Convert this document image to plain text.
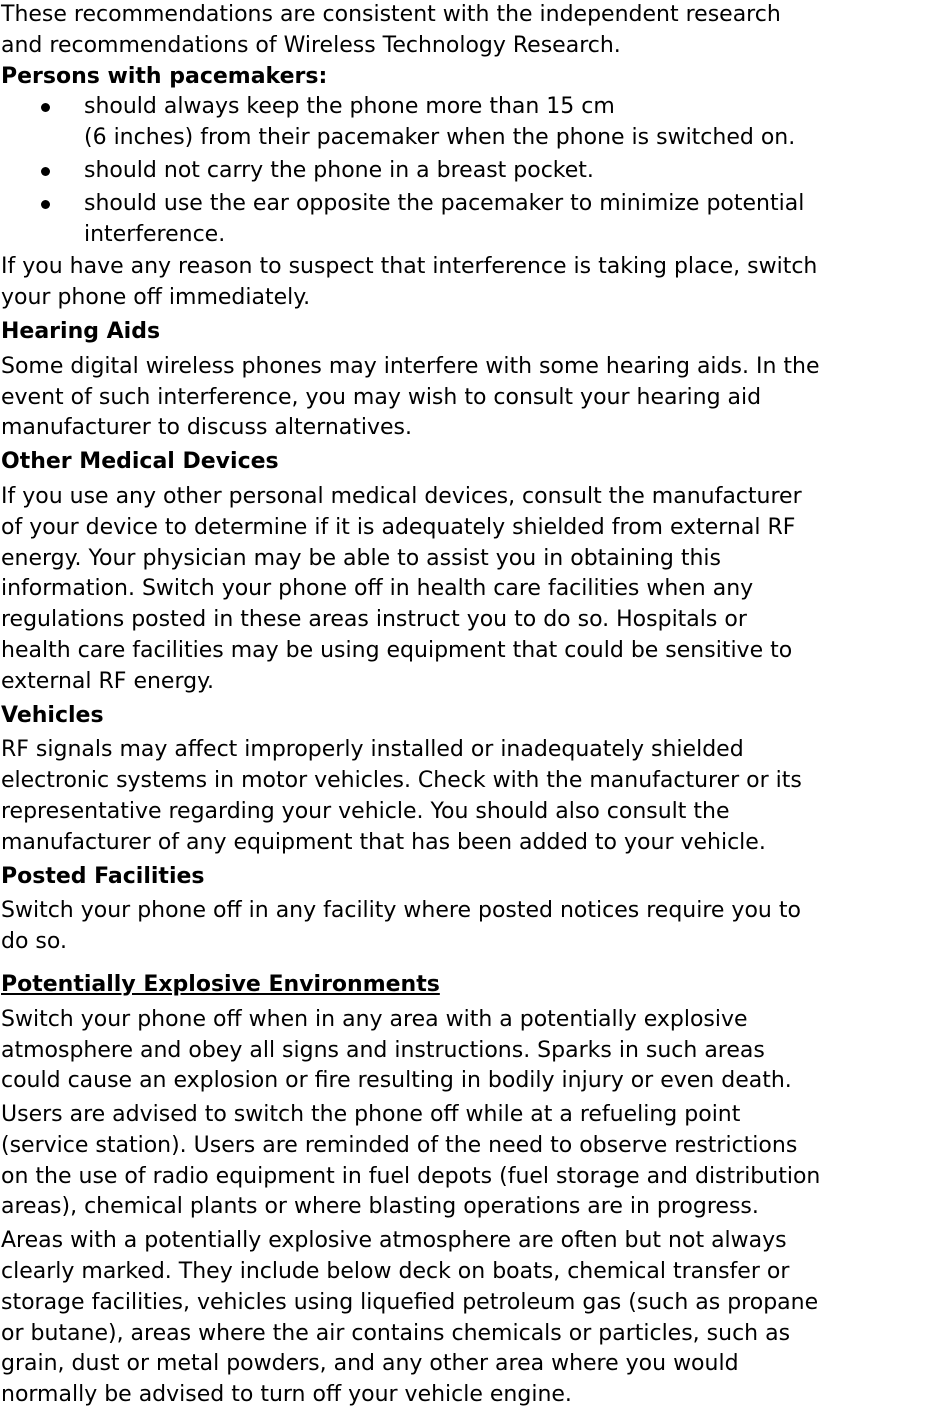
These recommendations are consistent with the independent research
and recommendations of Wireless Technology Research.
Persons with pacemakers:
should always keep the phone more than 15 cm
(6 inches) from their pacemaker when the phone is switched on.
should not carry the phone in a breast pocket.
should use the ear opposite the pacemaker to minimize potential
interference.
If you have any reason to suspect that interference is taking place, switch
your phone off immediately.
Hearing Aids
Some digital wireless phones may interfere with some hearing aids. In the
event of such interference, you may wish to consult your hearing aid
manufacturer to discuss alternatives.
Other Medical Devices
If you use any other personal medical devices, consult the manufacturer
of your device to determine if it is adequately shielded from external RF
energy. Your physician may be able to assist you in obtaining this
information. Switch your phone off in health care facilities when any
regulations posted in these areas instruct you to do so. Hospitals or
health care facilities may be using equipment that could be sensitive to
external RF energy.
Vehicles
RF signals may affect improperly installed or inadequately shielded
electronic systems in motor vehicles. Check with the manufacturer or its
representative regarding your vehicle. You should also consult the
manufacturer of any equipment that has been added to your vehicle.
Posted Facilities
Switch your phone off in any facility where posted notices require you to
do so.
Potentially Explosive Environments
Switch your phone off when in any area with a potentially explosive
atmosphere and obey all signs and instructions. Sparks in such areas
could cause an explosion or fire resulting in bodily injury or even death.
Users are advised to switch the phone off while at a refueling point
(service station). Users are reminded of the need to observe restrictions
on the use of radio equipment in fuel depots (fuel storage and distribution
areas), chemical plants or where blasting operations are in progress.
Areas with a potentially explosive atmosphere are often but not always
clearly marked. They include below deck on boats, chemical transfer or
storage facilities, vehicles using liquefied petroleum gas (such as propane
or butane), areas where the air contains chemicals or particles, such as
grain, dust or metal powders, and any other area where you would
normally be advised to turn off your vehicle engine.
